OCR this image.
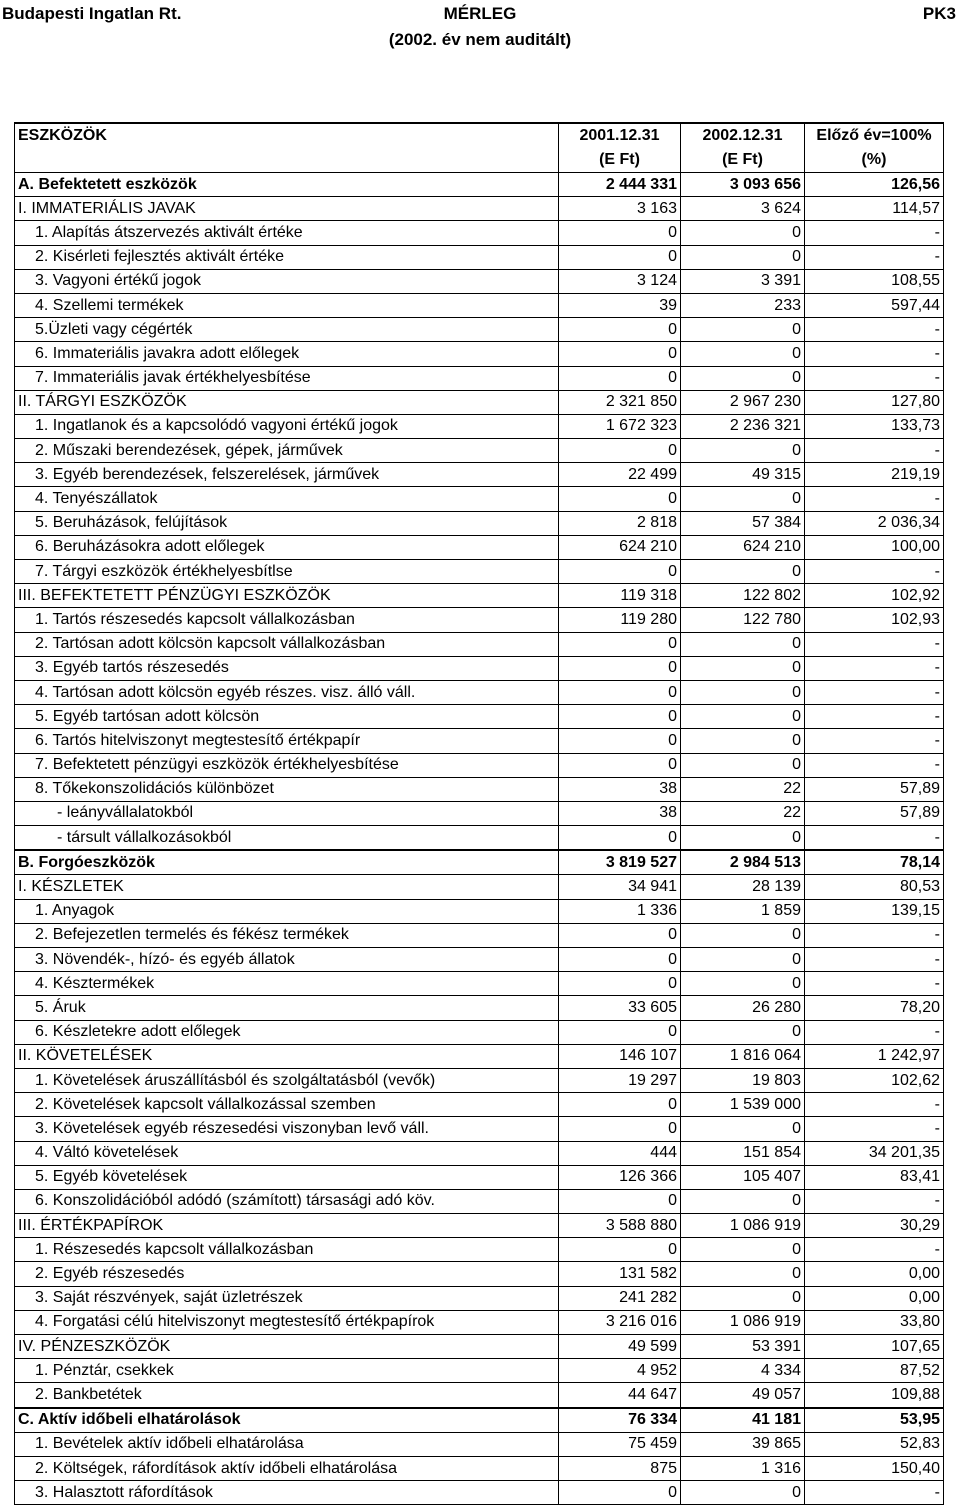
Budapesti Ingatlan Rt.	MÉRLEG
(2002. év nem auditált)
PK3
ESZKÖZÖK	2001.12.31	2002.12.31	Előző év=100%
	(E Ft)	(E Ft)	(%)
A. Befektetett eszközök	2 444 331	3 093 656	126,56
I. IMMATERIÁLIS JAVAK	3 163	3 624	114,57
1. Alapítás átszervezés aktivált értéke	0	0	-
2. Kisérleti fejlesztés aktivált értéke	0	0	-
3. Vagyoni értékű jogok	3 124	3 391	108,55
4. Szellemi termékek	39	233	597,44
5.Üzleti vagy cégérték	0	0	-
6. Immateriális javakra adott előlegek	0	0	-
7. Immateriális javak értékhelyesbítése	0	0	-
II. TÁRGYI ESZKÖZÖK	2 321 850	2 967 230	127,80
1. Ingatlanok és a kapcsolódó vagyoni értékű jogok	1 672 323	2 236 321	133,73
2. Műszaki berendezések, gépek, járművek	0	0	-
3. Egyéb berendezések, felszerelések, járművek	22 499	49 315	219,19
4. Tenyészállatok	0	0	-
5. Beruházások, felújítások	2 818	57 384	2 036,34
6. Beruházásokra adott előlegek	624 210	624 210	100,00
7. Tárgyi eszközök értékhelyesbítlse	0	0	-
III. BEFEKTETETT PÉNZÜGYI ESZKÖZÖK	119 318	122 802	102,92
1. Tartós részesedés kapcsolt vállalkozásban	119 280	122 780	102,93
2. Tartósan adott kölcsön kapcsolt vállalkozásban	0	0	-
3. Egyéb tartós részesedés	0	0	-
4. Tartósan adott kölcsön egyéb részes. visz. álló váll.	0	0	-
5. Egyéb tartósan adott kölcsön	0	0	-
6. Tartós hitelviszonyt megtestesítő értékpapír	0	0	-
7. Befektetett pénzügyi eszközök értékhelyesbítése	0	0	-
8. Tőkekonszolidációs különbözet	38	22	57,89
- leányvállalatokból	38	22	57,89
- társult vállalkozásokból	0	0	-
B. Forgóeszközök	3 819 527	2 984 513	78,14
I. KÉSZLETEK	34 941	28 139	80,53
1. Anyagok	1 336	1 859	139,15
2. Befejezetlen termelés és fékész termékek	0	0	-
3. Növendék-, hízó- és egyéb állatok	0	0	-
4. Késztermékek	0	0	-
5. Áruk	33 605	26 280	78,20
6. Készletekre adott előlegek	0	0	-
II. KÖVETELÉSEK	146 107	1 816 064	1 242,97
1. Követelések áruszállításból és szolgáltatásból (vevők)	19 297	19 803	102,62
2. Követelések kapcsolt vállalkozással szemben	0	1 539 000	-
3. Követelések egyéb részesedési viszonyban levő váll.	0	0	-
4. Váltó követelések	444	151 854	34 201,35
5. Egyéb követelések	126 366	105 407	83,41
6. Konszolidációból adódó (számított) társasági adó köv.	0	0	-
III. ÉRTÉKPAPÍROK	3 588 880	1 086 919	30,29
1. Részesedés kapcsolt vállalkozásban	0	0	-
2. Egyéb részesedés	131 582	0	0,00
3. Saját részvények, saját üzletrészek	241 282	0	0,00
4. Forgatási célú hitelviszonyt megtestesítő értékpapírok	3 216 016	1 086 919	33,80
IV. PÉNZESZKÖZÖK	49 599	53 391	107,65
1. Pénztár, csekkek	4 952	4 334	87,52
2. Bankbetétek	44 647	49 057	109,88
C. Aktív időbeli elhatárolások	76 334	41 181	53,95
1. Bevételek aktív időbeli elhatárolása	75 459	39 865	52,83
2. Költségek, ráfordítások aktív időbeli elhatárolása	875	1 316	150,40
3. Halasztott ráfordítások	0	0	-
